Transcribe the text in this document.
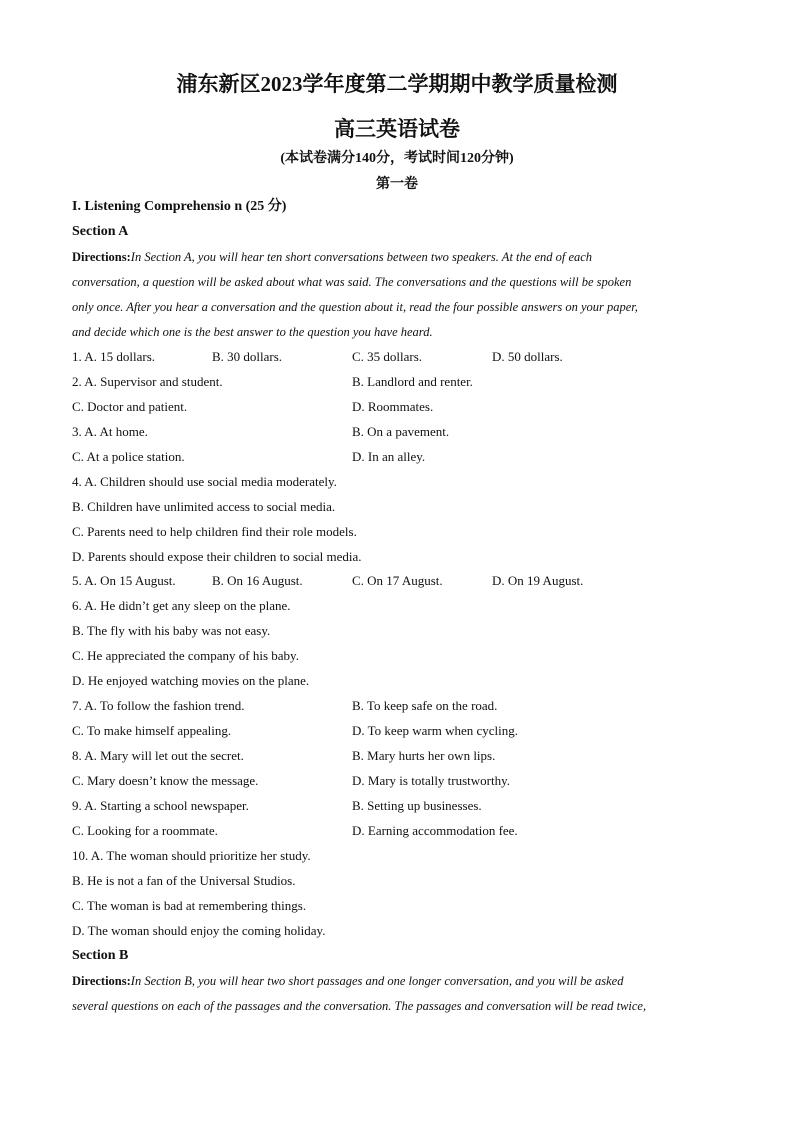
浦东新区2023学年度第二学期期中教学质量检测
高三英语试卷
(本试卷满分140分，考试时间120分钟)
第一卷
I. Listening Comprehensio n (25 分)
Section A
Directions:In Section A, you will hear ten short conversations between two speakers. At the end of each
conversation, a question will be asked about what was said. The conversations and the questions will be spoken
only once. After you hear a conversation and the question about it, read the four possible answers on your paper,
and decide which one is the best answer to the question you have heard.
1. A. 15 dollars.	B. 30 dollars.	C. 35 dollars.	D. 50 dollars.
2. A. Supervisor and student.	B. Landlord and renter.
C. Doctor and patient.	D. Roommates.
3. A. At home.	B. On a pavement.
C. At a police station.	D. In an alley.
4. A. Children should use social media moderately.
B. Children have unlimited access to social media.
C. Parents need to help children find their role models.
D. Parents should expose their children to social media.
5. A. On 15 August.	B. On 16 August.	C. On 17 August.	D. On 19 August.
6. A. He didn’t get any sleep on the plane.
B. The fly with his baby was not easy.
C. He appreciated the company of his baby.
D. He enjoyed watching movies on the plane.
7. A. To follow the fashion trend.	B. To keep safe on the road.
C. To make himself appealing.	D. To keep warm when cycling.
8. A. Mary will let out the secret.	B. Mary hurts her own lips.
C. Mary doesn’t know the message.	D. Mary is totally trustworthy.
9. A. Starting a school newspaper.	B. Setting up businesses.
C. Looking for a roommate.	D. Earning accommodation fee.
10. A. The woman should prioritize her study.
B. He is not a fan of the Universal Studios.
C. The woman is bad at remembering things.
D. The woman should enjoy the coming holiday.
Section B
Directions:In Section B, you will hear two short passages and one longer conversation, and you will be asked
several questions on each of the passages and the conversation. The passages and conversation will be read twice,
